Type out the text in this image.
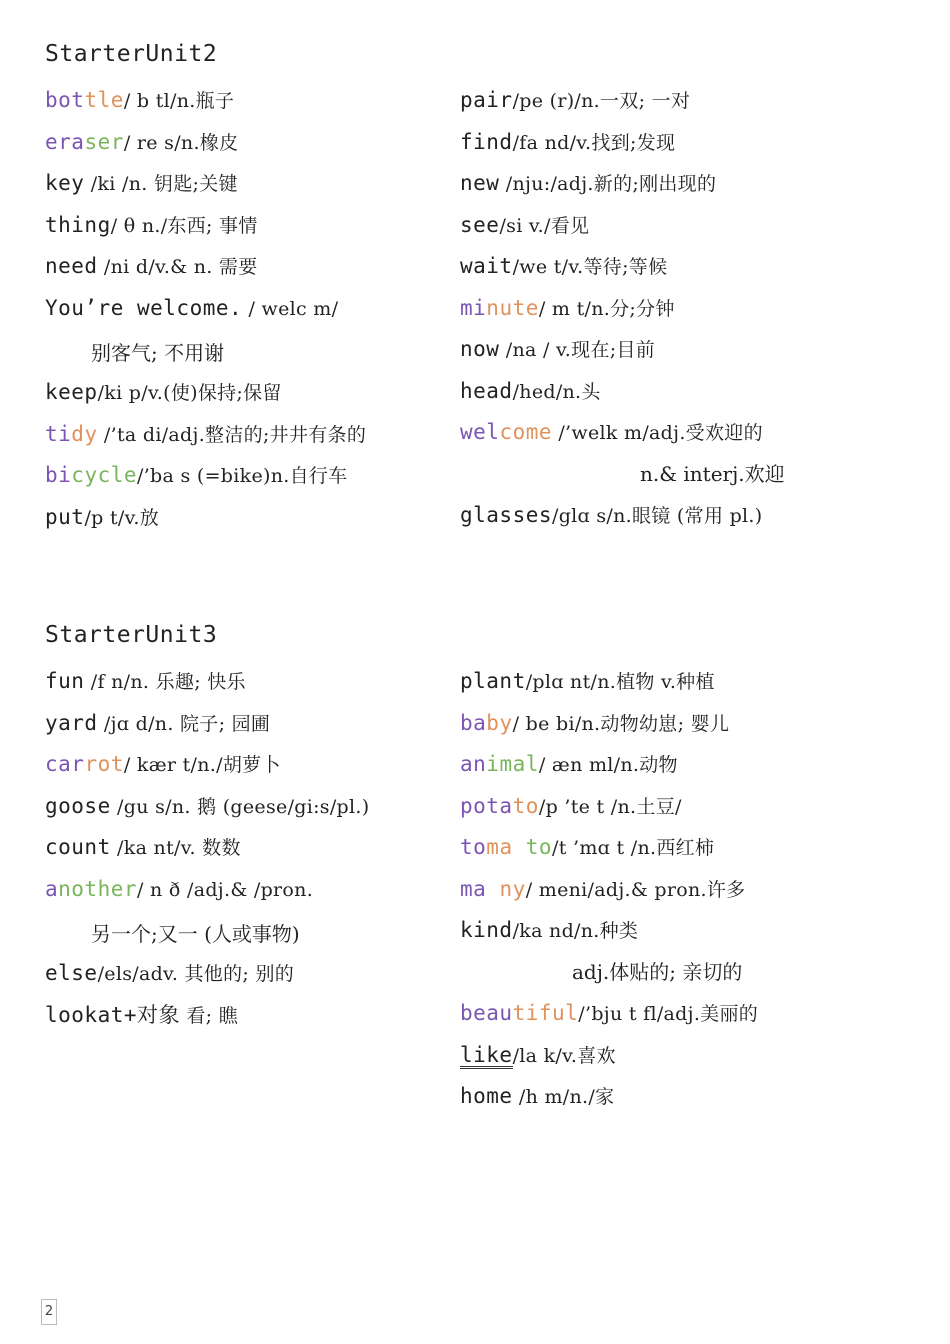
StarterUnit2
bottle/ b tl/n.瓶子
eraser/ re s/n.橡皮
key /ki /n. 钥匙;关键
thing/ θ n./东西; 事情
need /ni d/v.& n. 需要
You’re welcome. / welc m/
别客气; 不用谢
keep/ki p/v.(使)保持;保留
tidy /’ta di/adj.整洁的;井井有条的
bicycle/’ba s (=bike)n.自行车
put/p t/v.放
pair/pe (r)/n.一双; 一对
find/fa nd/v.找到;发现
new /nju:/adj.新的;刚出现的
see/si v./看见
wait/we t/v.等待;等候
minute/ m t/n.分;分钟
now /na / v.现在;目前
head/hed/n.头
welcome /’welk m/adj.受欢迎的
n.& interj.欢迎
glasses/glɑ s/n.眼镜 (常用 pl.)
StarterUnit3
fun /f n/n. 乐趣; 快乐
yard /jɑ d/n. 院子; 园圃
carrot/ kær t/n./胡萝卜
goose /gu s/n. 鹅 (geese/gi:s/pl.)
count /ka nt/v. 数数
another/ n ð /adj.& /pron.
另一个;又一 (人或事物)
else/els/adv. 其他的; 别的
lookat+对象 看; 瞧
plant/plɑ nt/n.植物 v.种植
baby/ be bi/n.动物幼崽; 婴儿
animal/ æn ml/n.动物
potato/p ’te t /n.土豆/
toma to/t ’mɑ t /n.西红柿
ma ny/ meni/adj.& pron.许多
kind/ka nd/n.种类
adj.体贴的; 亲切的
beautiful/’bju t fl/adj.美丽的
like/la k/v.喜欢
home /h m/n./家
2
